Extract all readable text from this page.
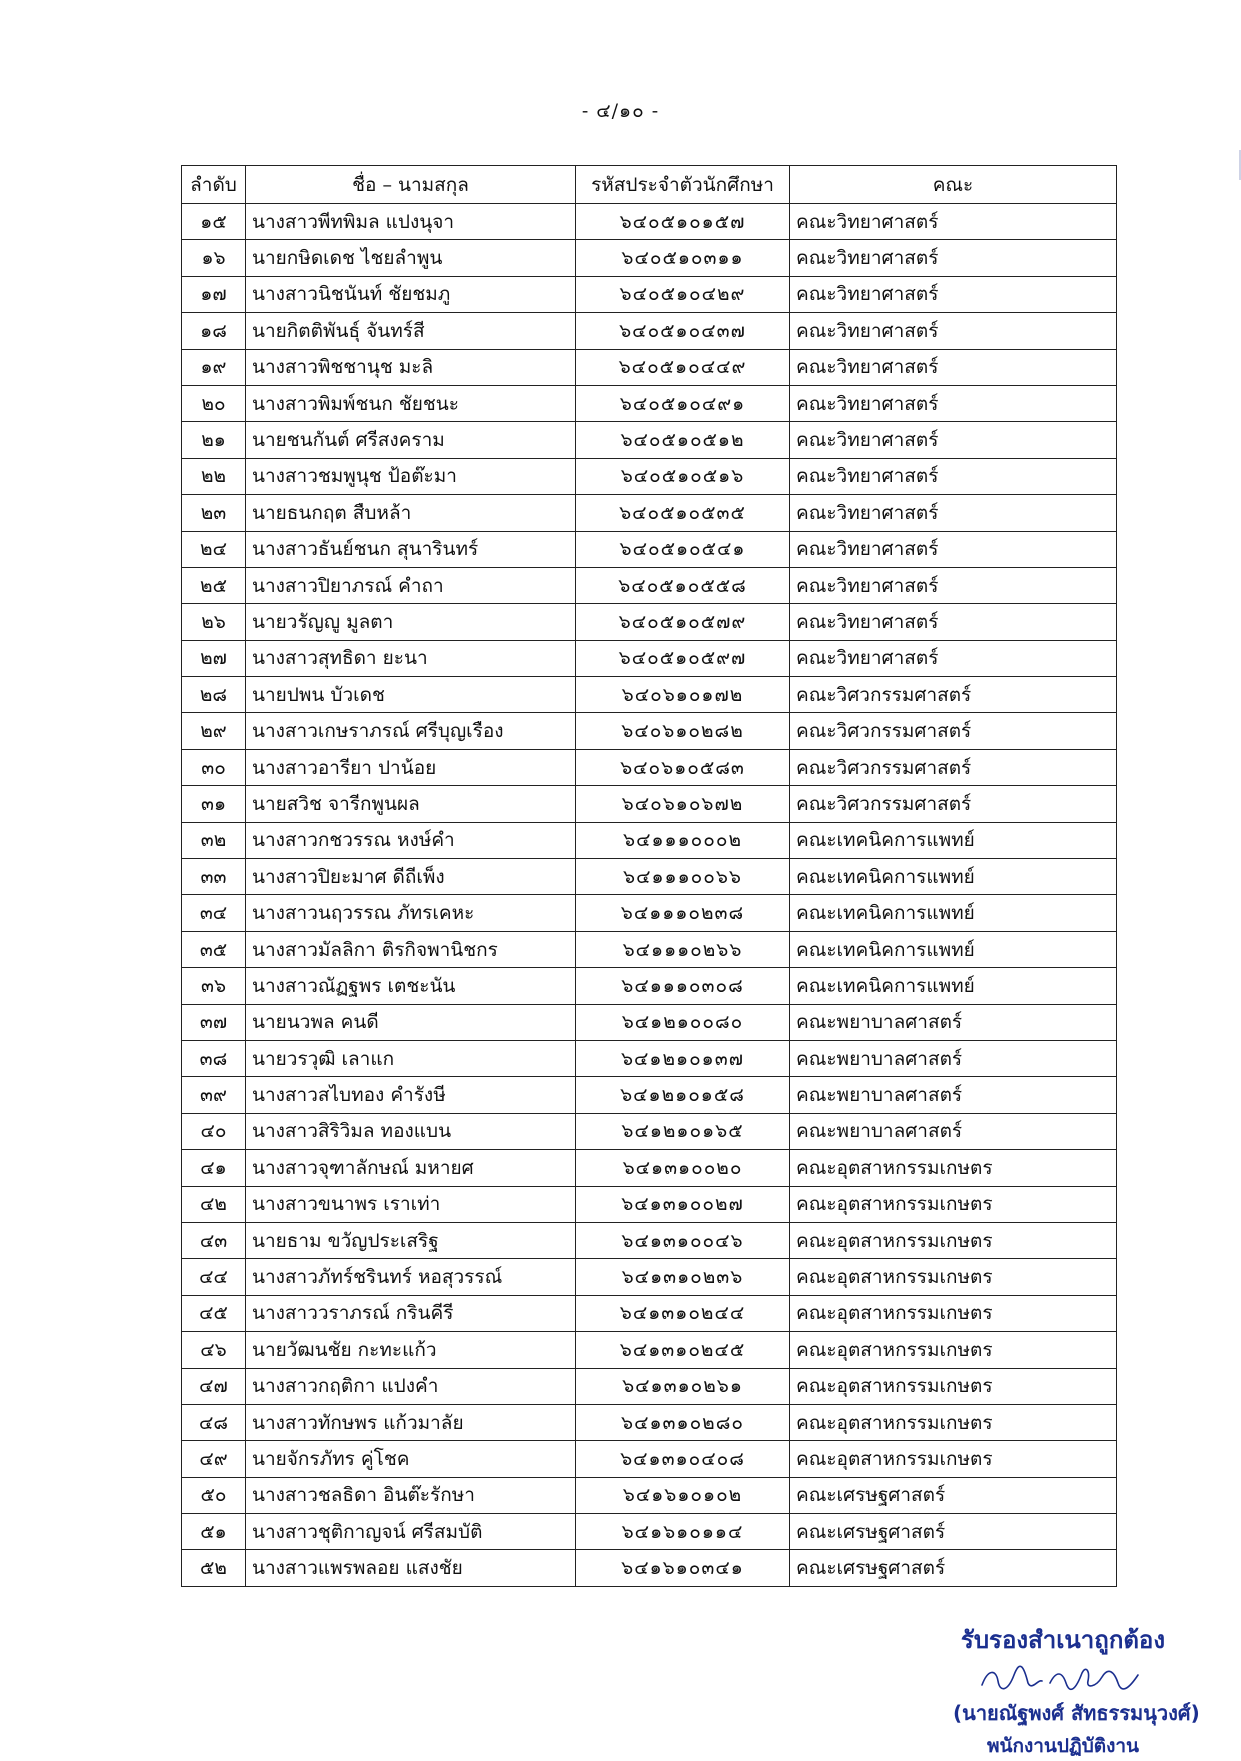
- ๔/๑๐ -
ลำดับ	ชื่อ – นามสกุล	รหัสประจำตัวนักศึกษา	คณะ
๑๕	นางสาวพีทพิมล แปงนุจา	๖๔๐๕๑๐๑๕๗	คณะวิทยาศาสตร์
๑๖	นายกษิดเดช ไชยลำพูน	๖๔๐๕๑๐๓๑๑	คณะวิทยาศาสตร์
๑๗	นางสาวนิชนันท์ ชัยชมภู	๖๔๐๕๑๐๔๒๙	คณะวิทยาศาสตร์
๑๘	นายกิตติพันธุ์ จันทร์สี	๖๔๐๕๑๐๔๓๗	คณะวิทยาศาสตร์
๑๙	นางสาวพิชชานุช มะลิ	๖๔๐๕๑๐๔๔๙	คณะวิทยาศาสตร์
๒๐	นางสาวพิมพ์ชนก ชัยชนะ	๖๔๐๕๑๐๔๙๑	คณะวิทยาศาสตร์
๒๑	นายชนกันต์ ศรีสงคราม	๖๔๐๕๑๐๕๑๒	คณะวิทยาศาสตร์
๒๒	นางสาวชมพูนุช ป้อต๊ะมา	๖๔๐๕๑๐๕๑๖	คณะวิทยาศาสตร์
๒๓	นายธนกฤต สืบหล้า	๖๔๐๕๑๐๕๓๕	คณะวิทยาศาสตร์
๒๔	นางสาวธันย์ชนก สุนารินทร์	๖๔๐๕๑๐๕๔๑	คณะวิทยาศาสตร์
๒๕	นางสาวปิยาภรณ์ คำถา	๖๔๐๕๑๐๕๕๘	คณะวิทยาศาสตร์
๒๖	นายวรัญญู มูลตา	๖๔๐๕๑๐๕๗๙	คณะวิทยาศาสตร์
๒๗	นางสาวสุทธิดา ยะนา	๖๔๐๕๑๐๕๙๗	คณะวิทยาศาสตร์
๒๘	นายปพน บัวเดช	๖๔๐๖๑๐๑๗๒	คณะวิศวกรรมศาสตร์
๒๙	นางสาวเกษราภรณ์ ศรีบุญเรือง	๖๔๐๖๑๐๒๘๒	คณะวิศวกรรมศาสตร์
๓๐	นางสาวอารียา ปาน้อย	๖๔๐๖๑๐๕๘๓	คณะวิศวกรรมศาสตร์
๓๑	นายสวิช จารีกพูนผล	๖๔๐๖๑๐๖๗๒	คณะวิศวกรรมศาสตร์
๓๒	นางสาวกชวรรณ หงษ์คำ	๖๔๑๑๑๐๐๐๒	คณะเทคนิคการแพทย์
๓๓	นางสาวปิยะมาศ ดีถีเพ็ง	๖๔๑๑๑๐๐๖๖	คณะเทคนิคการแพทย์
๓๔	นางสาวนฤวรรณ ภัทรเคหะ	๖๔๑๑๑๐๒๓๘	คณะเทคนิคการแพทย์
๓๕	นางสาวมัลลิกา ติรกิจพานิชกร	๖๔๑๑๑๐๒๖๖	คณะเทคนิคการแพทย์
๓๖	นางสาวณัฏฐพร เตชะนัน	๖๔๑๑๑๐๓๐๘	คณะเทคนิคการแพทย์
๓๗	นายนวพล คนดี	๖๔๑๒๑๐๐๘๐	คณะพยาบาลศาสตร์
๓๘	นายวรวุฒิ เลาแก	๖๔๑๒๑๐๑๓๗	คณะพยาบาลศาสตร์
๓๙	นางสาวสไบทอง คำรังษี	๖๔๑๒๑๐๑๕๘	คณะพยาบาลศาสตร์
๔๐	นางสาวสิริวิมล ทองแบน	๖๔๑๒๑๐๑๖๕	คณะพยาบาลศาสตร์
๔๑	นางสาวจุฑาลักษณ์ มหายศ	๖๔๑๓๑๐๐๒๐	คณะอุตสาหกรรมเกษตร
๔๒	นางสาวขนาพร เราเท่า	๖๔๑๓๑๐๐๒๗	คณะอุตสาหกรรมเกษตร
๔๓	นายธาม ขวัญประเสริฐ	๖๔๑๓๑๐๐๔๖	คณะอุตสาหกรรมเกษตร
๔๔	นางสาวภัทร์ชรินทร์ หอสุวรรณ์	๖๔๑๓๑๐๒๓๖	คณะอุตสาหกรรมเกษตร
๔๕	นางสาววราภรณ์ กรินคีรี	๖๔๑๓๑๐๒๔๔	คณะอุตสาหกรรมเกษตร
๔๖	นายวัฒนชัย กะทะแก้ว	๖๔๑๓๑๐๒๔๕	คณะอุตสาหกรรมเกษตร
๔๗	นางสาวกฤติกา แปงคำ	๖๔๑๓๑๐๒๖๑	คณะอุตสาหกรรมเกษตร
๔๘	นางสาวทักษพร แก้วมาลัย	๖๔๑๓๑๐๒๘๐	คณะอุตสาหกรรมเกษตร
๔๙	นายจักรภัทร คู่โชค	๖๔๑๓๑๐๔๐๘	คณะอุตสาหกรรมเกษตร
๕๐	นางสาวชลธิดา อินต๊ะรักษา	๖๔๑๖๑๐๑๐๒	คณะเศรษฐศาสตร์
๕๑	นางสาวชุติกาญจน์ ศรีสมบัติ	๖๔๑๖๑๐๑๑๔	คณะเศรษฐศาสตร์
๕๒	นางสาวแพรพลอย แสงชัย	๖๔๑๖๑๐๓๔๑	คณะเศรษฐศาสตร์
รับรองสำเนาถูกต้อง
(นายณัฐพงศ์ สัทธรรมนุวงศ์)
พนักงานปฏิบัติงาน
